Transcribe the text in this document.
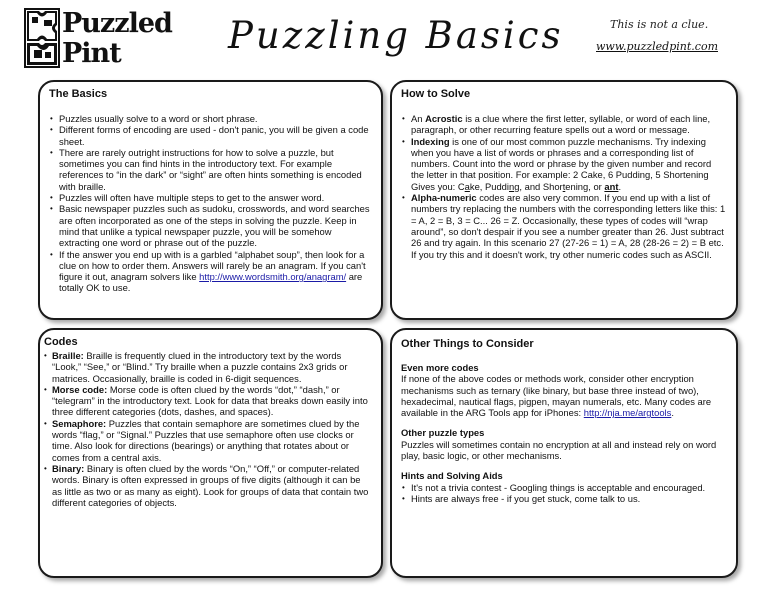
Puzzled
Pint	Puzzling Basics	This is not a clue.
www.puzzledpint.com
The Basics
• Puzzles usually solve to a word or short phrase.
• Different forms of encoding are used - don't panic, you will be given a code sheet.
• There are rarely outright instructions for how to solve a puzzle, but sometimes you can find hints in the introductory text. For example references to “in the dark” or “sight” are often hints something is encoded with braille.
• Puzzles will often have multiple steps to get to the answer word.
• Basic newspaper puzzles such as sudoku, crosswords, and word searches are often incorporated as one of the steps in solving the puzzle. Keep in mind that unlike a typical newspaper puzzle, you will be somehow extracting one word or phrase out of the puzzle.
• If the answer you end up with is a garbled “alphabet soup”, then look for a clue on how to order them. Answers will rarely be an anagram. If you can't figure it out, anagram solvers like http://www.wordsmith.org/anagram/ are totally OK to use.
How to Solve
• An Acrostic is a clue where the first letter, syllable, or word of each line, paragraph, or other recurring feature spells out a word or message.
• Indexing is one of our most common puzzle mechanisms. Try indexing when you have a list of words or phrases and a corresponding list of numbers. Count into the word or phrase by the given number and record the letter in that position. For example: 2 Cake, 6 Pudding, 5 Shortening
Gives you: Cake, Pudding, and Shortening, or ant.
• Alpha-numeric codes are also very common. If you end up with a list of numbers try replacing the numbers with the corresponding letters like this: 1 = A, 2 = B, 3 = C... 26 = Z. Occasionally, these types of codes will “wrap around”, so don't despair if you see a number greater than 26. Just subtract 26 and try again. In this scenario 27 (27-26 = 1) = A, 28 (28-26 = 2) = B etc. If you try this and it doesn't work, try other numeric codes such as ASCII.
Codes
• Braille: Braille is frequently clued in the introductory text by the words “Look,” “See,” or “Blind.” Try braille when a puzzle contains 2x3 grids or matrices. Occasionally, braille is coded in 6-digit sequences.
• Morse code: Morse code is often clued by the words “dot,” “dash,” or “telegram” in the introductory text. Look for data that breaks down easily into three different categories (dots, dashes, and spaces).
• Semaphore: Puzzles that contain semaphore are sometimes clued by the words “flag,” or “Signal.” Puzzles that use semaphore often use clocks or time. Also look for directions (bearings) or anything that rotates about or comes from a central axis.
• Binary: Binary is often clued by the words “On,” “Off,” or computer-related words. Binary is often expressed in groups of five digits (although it can be as little as two or as many as eight). Look for groups of data that contain two different categories of objects.
Other Things to Consider
Even more codes
If none of the above codes or methods work, consider other encryption mechanisms such as ternary (like binary, but base three instead of two), hexadecimal, nautical flags, pigpen, mayan numerals, etc. Many codes are available in the ARG Tools app for iPhones: http://nja.me/argtools.
Other puzzle types
Puzzles will sometimes contain no encryption at all and instead rely on word play, basic logic, or other mechanisms.
Hints and Solving Aids
• It's not a trivia contest - Googling things is acceptable and encouraged.
• Hints are always free - if you get stuck, come talk to us.
